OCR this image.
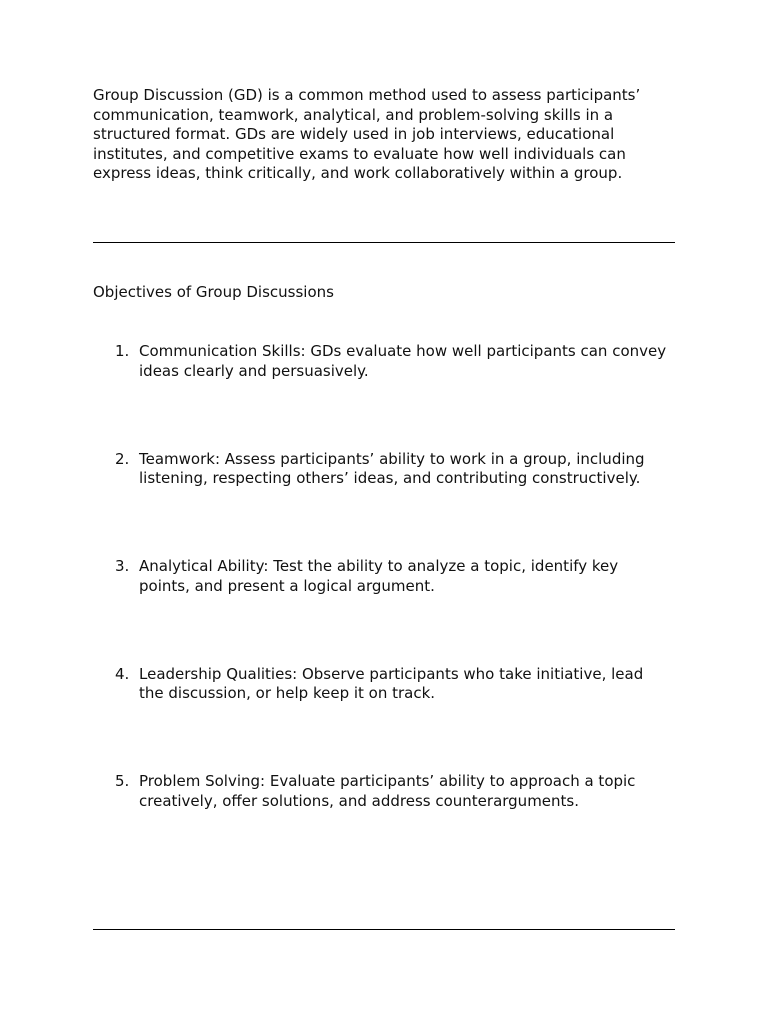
Group Discussion (GD) is a common method used to assess participants’ communication, teamwork, analytical, and problem-solving skills in a structured format. GDs are widely used in job interviews, educational institutes, and competitive exams to evaluate how well individuals can express ideas, think critically, and work collaboratively within a group.

Objectives of Group Discussions
1. Communication Skills: GDs evaluate how well participants can convey ideas clearly and persuasively.
2. Teamwork: Assess participants’ ability to work in a group, including listening, respecting others’ ideas, and contributing constructively.
3. Analytical Ability: Test the ability to analyze a topic, identify key points, and present a logical argument.
4. Leadership Qualities: Observe participants who take initiative, lead the discussion, or help keep it on track.
5. Problem Solving: Evaluate participants’ ability to approach a topic creatively, offer solutions, and address counterarguments.
